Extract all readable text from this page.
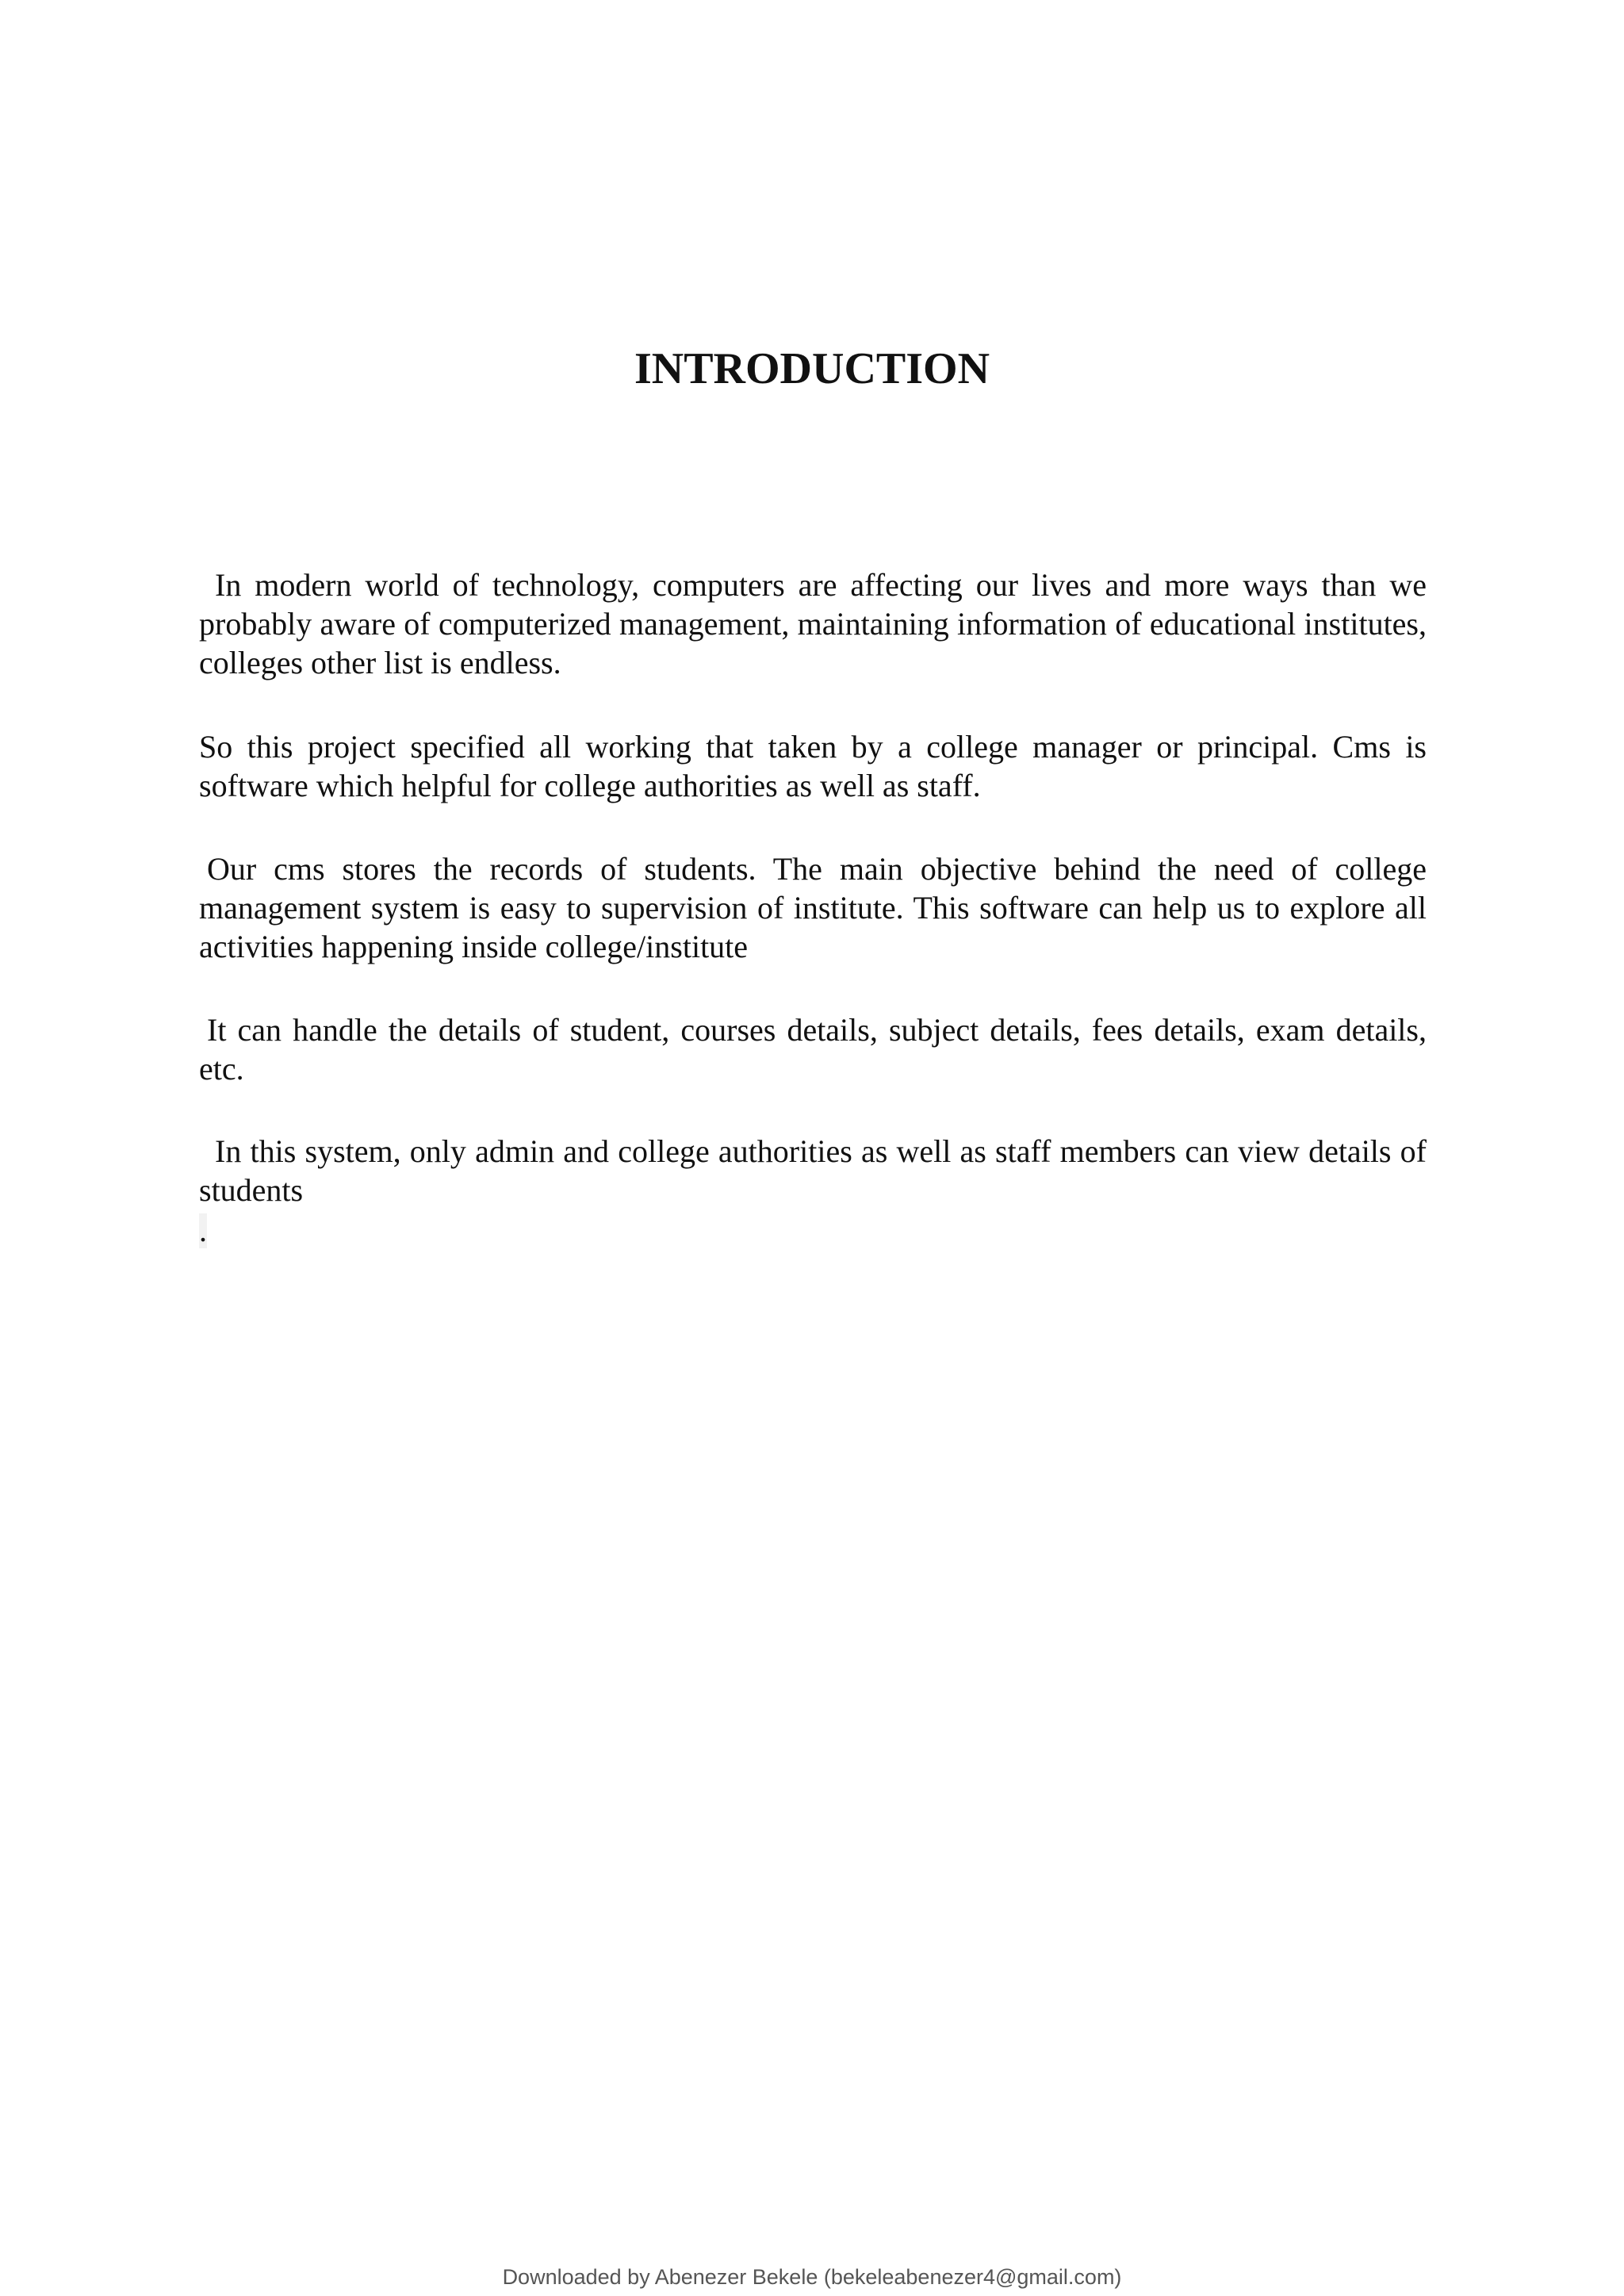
INTRODUCTION

In modern world of technology, computers are affecting our lives and more ways than we probably aware of computerized management, maintaining information of educational institutes, colleges other list is endless.

So this project specified all working that taken by a college manager or principal. Cms is software which helpful for college authorities as well as staff.

Our cms stores the records of students. The main objective behind the need of college management system is easy to supervision of institute. This software can help us to explore all activities happening inside college/institute

It can handle the details of student, courses details, subject details, fees details, exam details, etc.

In this system, only admin and college authorities as well as staff members can view details of students

.
Downloaded by Abenezer Bekele (bekeleabenezer4@gmail.com)
